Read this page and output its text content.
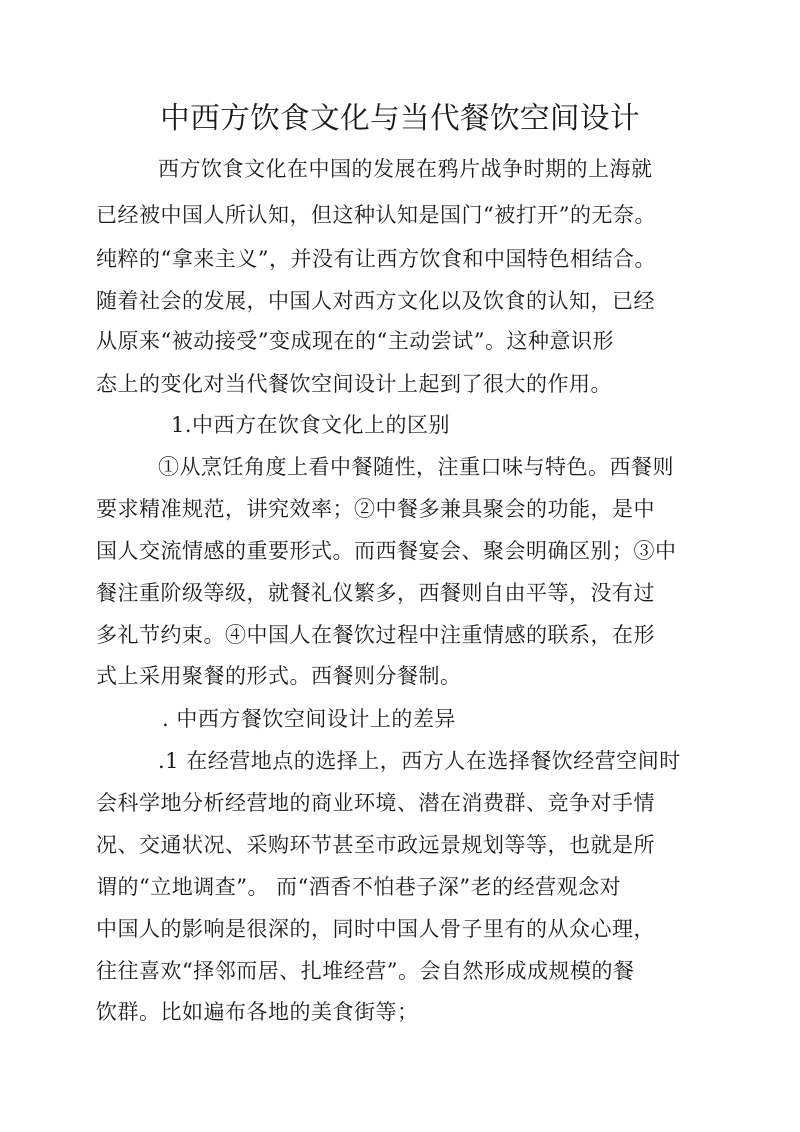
中西方饮食文化与当代餐饮空间设计

西方饮食文化在中国的发展在鸦片战争时期的上海就

已经被中国人所认知，但这种认知是国门“被打开”的无奈。

纯粹的“拿来主义”，并没有让西方饮食和中国特色相结合。

随着社会的发展，中国人对西方文化以及饮食的认知，已经

从原来“被动接受”变成现在的“主动尝试”。这种意识形

态上的变化对当代餐饮空间设计上起到了很大的作用。

1.中西方在饮食文化上的区别

①从烹饪角度上看中餐随性，注重口味与特色。西餐则

要求精准规范，讲究效率；②中餐多兼具聚会的功能，是中

国人交流情感的重要形式。而西餐宴会、聚会明确区别；③中

餐注重阶级等级，就餐礼仪繁多，西餐则自由平等，没有过

多礼节约束。④中国人在餐饮过程中注重情感的联系，在形

式上采用聚餐的形式。西餐则分餐制。

. 中西方餐饮空间设计上的差异

.1 在经营地点的选择上，西方人在选择餐饮经营空间时

会科学地分析经营地的商业环境、潜在消费群、竞争对手情

况、交通状况、采购环节甚至市政远景规划等等，也就是所

谓的“立地调查”。 而“酒香不怕巷子深”老的经营观念对

中国人的影响是很深的，同时中国人骨子里有的从众心理，

往往喜欢“择邻而居、扎堆经营”。会自然形成成规模的餐

饮群。比如遍布各地的美食街等；
